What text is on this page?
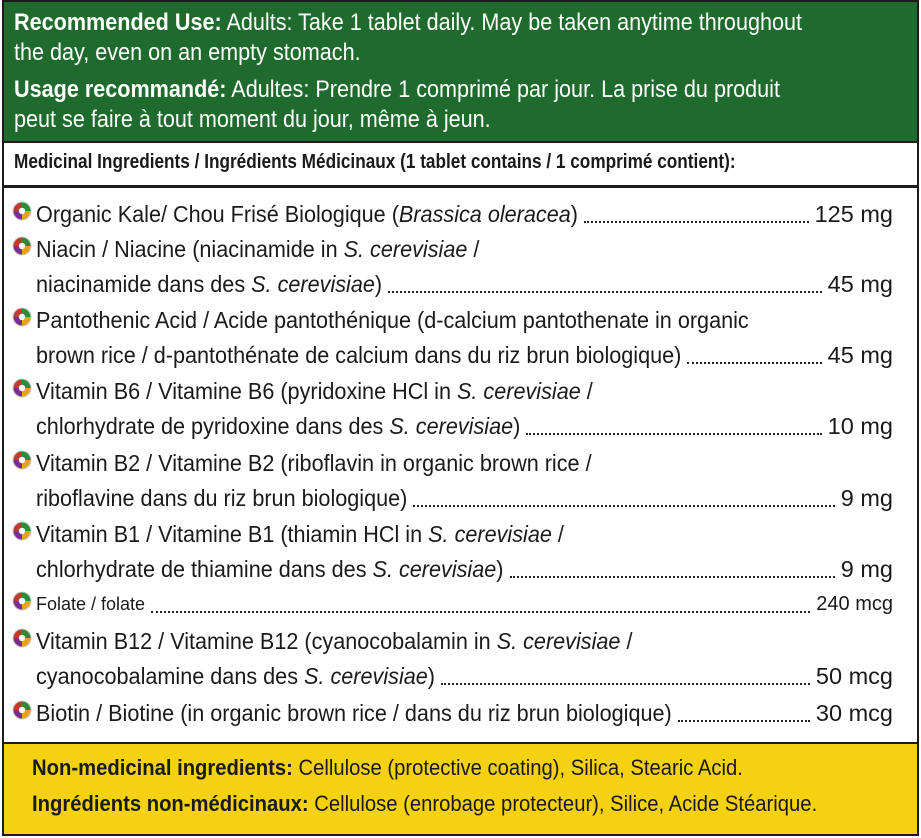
Recommended Use: Adults: Take 1 tablet daily. May be taken anytime throughout

the day, even on an empty stomach.

Usage recommandé: Adultes: Prendre 1 comprimé par jour. La prise du produit

peut se faire à tout moment du jour, même à jeun.

Medicinal Ingredients / Ingrédients Médicinaux (1 tablet contains / 1 comprimé contient):
Organic Kale/ Chou Frisé Biologique (Brassica oleracea)	125 mg
Niacin / Niacine (niacinamide in S. cerevisiae /
niacinamide dans des S. cerevisiae)	45 mg
Pantothenic Acid / Acide pantothénique (d-calcium pantothenate in organic
brown rice / d-pantothénate de calcium dans du riz brun biologique)	45 mg
Vitamin B6 / Vitamine B6 (pyridoxine HCl in S. cerevisiae /
chlorhydrate de pyridoxine dans des S. cerevisiae)	10 mg
Vitamin B2 / Vitamine B2 (riboflavin in organic brown rice /
riboflavine dans du riz brun biologique)	9 mg
Vitamin B1 / Vitamine B1 (thiamin HCl in S. cerevisiae /
chlorhydrate de thiamine dans des S. cerevisiae)	9 mg
Folate / folate	240 mcg
Vitamin B12 / Vitamine B12 (cyanocobalamin in S. cerevisiae /
cyanocobalamine dans des S. cerevisiae)	50 mcg
Biotin / Biotine (in organic brown rice / dans du riz brun biologique)	30 mcg

Non-medicinal ingredients: Cellulose (protective coating), Silica, Stearic Acid.

Ingrédients non-médicinaux: Cellulose (enrobage protecteur), Silice, Acide Stéarique.
